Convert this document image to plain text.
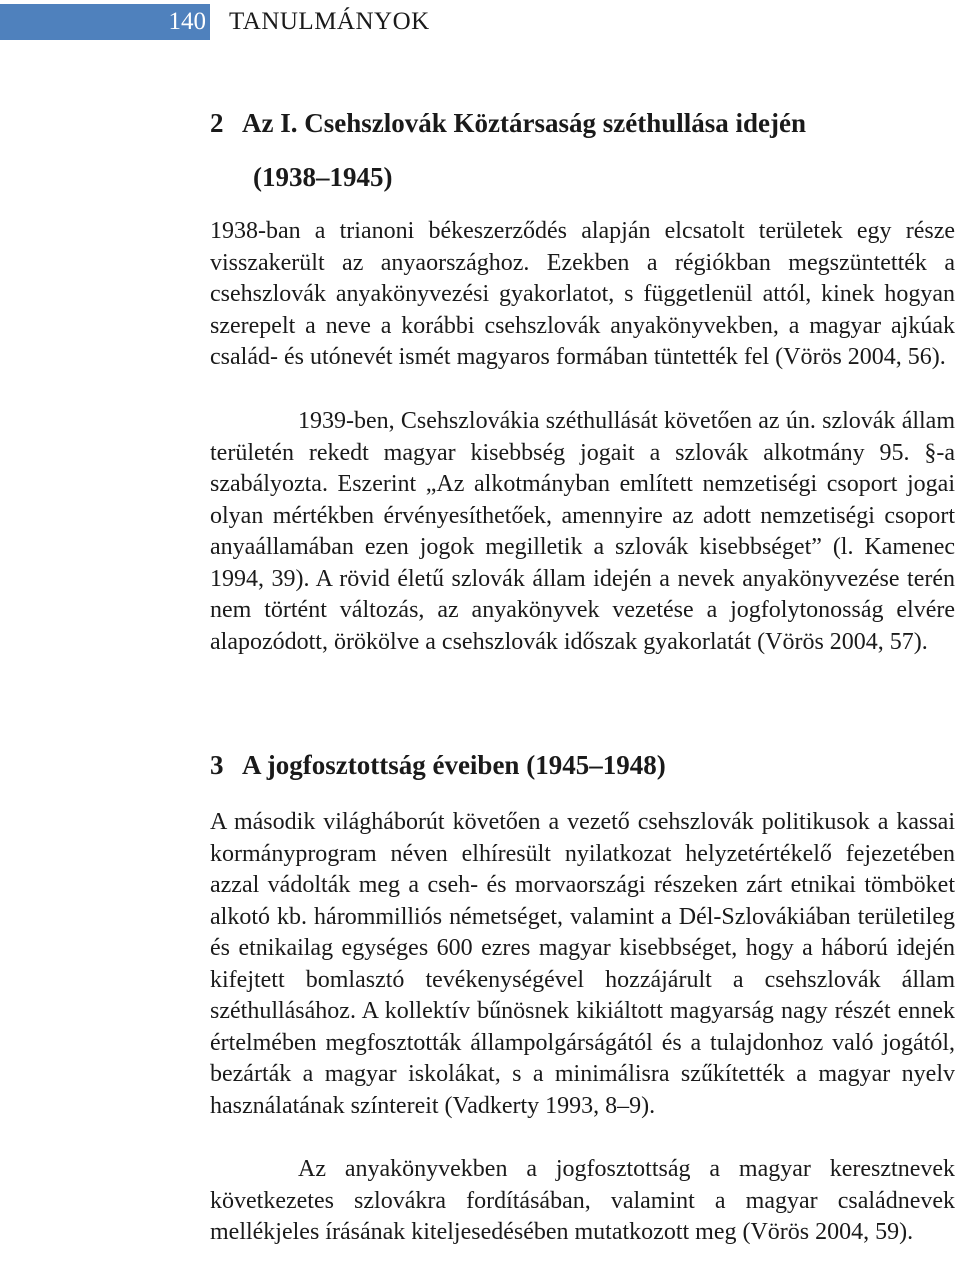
140 TANULMÁNYOK
2 Az I. Csehszlovák Köztársaság széthullása idején
(1938–1945)

1938-ban a trianoni békeszerződés alapján elcsatolt területek egy része visszakerült az anyaországhoz. Ezekben a régiókban megszüntették a csehszlovák anyakönyvezési gyakorlatot, s függetlenül attól, kinek hogyan szerepelt a neve a korábbi csehszlovák anyakönyvekben, a magyar ajkúak család- és utónevét ismét magyaros formában tüntették fel (Vörös 2004, 56).

1939-ben, Csehszlovákia széthullását követően az ún. szlovák állam területén rekedt magyar kisebbség jogait a szlovák alkotmány 95. §-a szabályozta. Eszerint „Az alkotmányban említett nemzetiségi csoport jogai olyan mértékben érvényesíthetőek, amennyire az adott nemzetiségi csoport anyaállamában ezen jogok megilletik a szlovák kisebbséget” (l. Kamenec 1994, 39). A rövid életű szlovák állam idején a nevek anyakönyvezése terén nem történt változás, az anyakönyvek vezetése a jogfolytonosság elvére alapozódott, örökölve a csehszlovák időszak gyakorlatát (Vörös 2004, 57).

3 A jogfosztottság éveiben (1945–1948)

A második világháborút követően a vezető csehszlovák politikusok a kassai kormányprogram néven elhíresült nyilatkozat helyzetértékelő fejezetében azzal vádolták meg a cseh- és morvaországi részeken zárt etnikai tömböket alkotó kb. hárommilliós németséget, valamint a Dél-Szlovákiában területileg és etnikailag egységes 600 ezres magyar kisebbséget, hogy a háború idején kifejtett bomlasztó tevékenységével hozzájárult a csehszlovák állam széthullásához. A kollektív bűnösnek kikiáltott magyarság nagy részét ennek értelmében megfosztották állampolgárságától és a tulajdonhoz való jogától, bezárták a magyar iskolákat, s a minimálisra szűkítették a magyar nyelv használatának színtereit (Vadkerty 1993, 8–9).

Az anyakönyvekben a jogfosztottság a magyar keresztnevek következetes szlovákra fordításában, valamint a magyar családnevek mellékjeles írásának kiteljesedésében mutatkozott meg (Vörös 2004, 59).
